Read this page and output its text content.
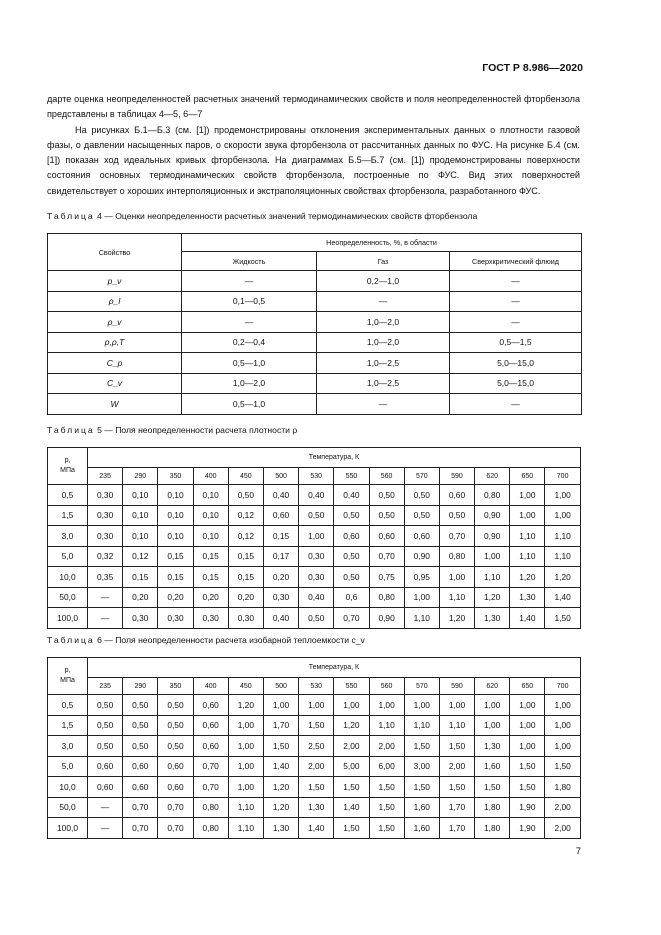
ГОСТ Р 8.986—2020

дарте оценка неопределенностей расчетных значений термодинамических свойств и поля неопределенностей фторбензола представлены в таблицах 4—5, 6—7

На рисунках Б.1—Б.3 (см. [1]) продемонстрированы отклонения экспериментальных данных о плотности газовой фазы, о давлении насыщенных паров, о скорости звука фторбензола от рассчитанных данных по ФУС. На рисунке Б.4 (см. [1]) показан ход идеальных кривых фторбензола. На диаграммах Б.5—Б.7 (см. [1]) продемонстрированы поверхности состояния основных термодинамических свойств фторбензола, построенные по ФУС. Вид этих поверхностей свидетельствует о хороших интерполяционных и экстраполяционных свойствах фторбензола, разработанного ФУС.

Таблица 4 — Оценки неопределенности расчетных значений термодинамических свойств фторбензола
Свойство	Неопределенность, %, в области		
	Жидкость	Газ	Сверхкритический флюид
p_ν	—	0,2—1,0	—
ρ_l	0,1—0,5	—	—
ρ_v	—	1,0—2,0	—
p,ρ,T	0,2—0,4	1,0—2,0	0,5—1,5
C_p	0,5—1,0	1,0—2,5	5,0—15,0
C_v	1,0—2,0	1,0—2,5	5,0—15,0
W	0,5—1,0	—	—
Таблица 5 — Поля неопределенности расчета плотности ρ
p,
МПа	Температура, К													
	235	290	350	400	450	500	530	550	560	570	590	620	650	700
0,5	0,30	0,10	0,10	0,10	0,50	0,40	0,40	0,40	0,50	0,50	0,60	0,80	1,00	1,00
1,5	0,30	0,10	0,10	0,10	0,12	0,60	0,50	0,50	0,50	0,50	0,50	0,90	1,00	1,00
3,0	0,30	0,10	0,10	0,10	0,12	0,15	1,00	0,60	0,60	0,60	0,70	0,90	1,10	1,10
5,0	0,32	0,12	0,15	0,15	0,15	0,17	0,30	0,50	0,70	0,90	0,80	1,00	1,10	1,10
10,0	0,35	0,15	0,15	0,15	0,15	0,20	0,30	0,50	0,75	0,95	1,00	1,10	1,20	1,20
50,0	—	0,20	0,20	0,20	0,20	0,30	0,40	0,6	0,80	1,00	1,10	1,20	1,30	1,40
100,0	—	0,30	0,30	0,30	0,30	0,40	0,50	0,70	0,90	1,10	1,20	1,30	1,40	1,50
Таблица 6 — Поля неопределенности расчета изобарной теплоемкости c_v
p,
МПа	Температура, К													
	235	290	350	400	450	500	530	550	560	570	590	620	650	700
0,5	0,50	0,50	0,50	0,60	1,20	1,00	1,00	1,00	1,00	1,00	1,00	1,00	1,00	1,00
1,5	0,50	0,50	0,50	0,60	1,00	1,70	1,50	1,20	1,10	1,10	1,10	1,00	1,00	1,00
3,0	0,50	0,50	0,50	0,60	1,00	1,50	2,50	2,00	2,00	1,50	1,50	1,30	1,00	1,00
5,0	0,60	0,60	0,60	0,70	1,00	1,40	2,00	5,00	6,00	3,00	2,00	1,60	1,50	1,50
10,0	0,60	0,60	0,60	0,70	1,00	1,20	1,50	1,50	1,50	1,50	1,50	1,50	1,50	1,80
50,0	—	0,70	0,70	0,80	1,10	1,20	1,30	1,40	1,50	1,60	1,70	1,80	1,90	2,00
100,0	—	0,70	0,70	0,80	1,10	1,30	1,40	1,50	1,50	1,60	1,70	1,80	1,90	2,00
7
